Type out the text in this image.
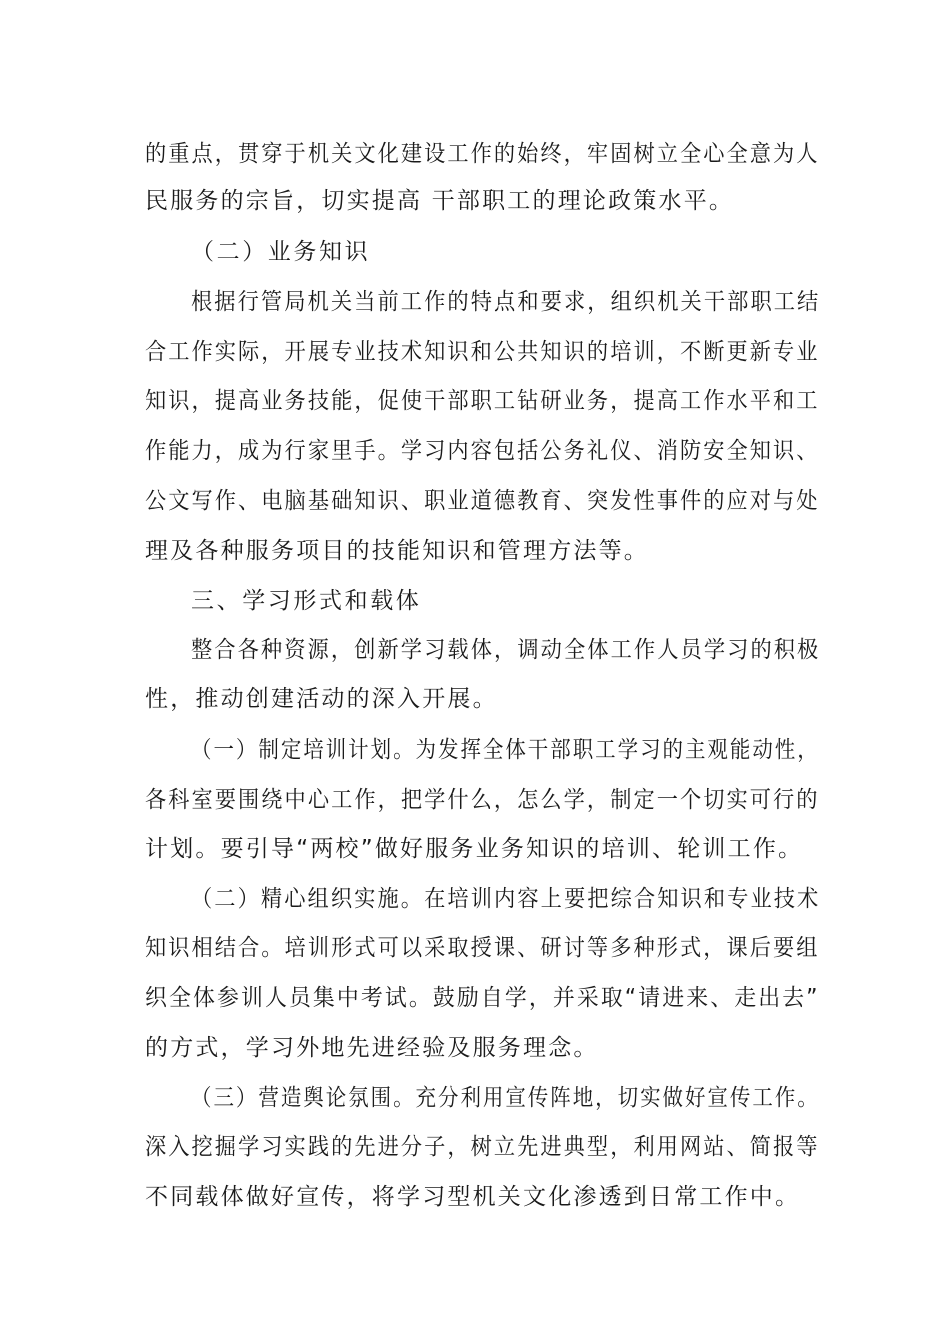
的重点，贯穿于机关文化建设工作的始终，牢固树立全心全意为人

民服务的宗旨，切实提高 干部职工的理论政策水平。

（二）业务知识

根据行管局机关当前工作的特点和要求，组织机关干部职工结

合工作实际，开展专业技术知识和公共知识的培训，不断更新专业

知识，提高业务技能，促使干部职工钻研业务，提高工作水平和工

作能力，成为行家里手。学习内容包括公务礼仪、消防安全知识、

公文写作、电脑基础知识、职业道德教育、突发性事件的应对与处

理及各种服务项目的技能知识和管理方法等。

三、学习形式和载体

整合各种资源，创新学习载体，调动全体工作人员学习的积极

性，推动创建活动的深入开展。

（一）制定培训计划。为发挥全体干部职工学习的主观能动性，

各科室要围绕中心工作，把学什么，怎么学，制定一个切实可行的

计划。要引导“两校”做好服务业务知识的培训、轮训工作。

（二）精心组织实施。在培训内容上要把综合知识和专业技术

知识相结合。培训形式可以采取授课、研讨等多种形式，课后要组

织全体参训人员集中考试。鼓励自学，并采取“请进来、走出去”

的方式，学习外地先进经验及服务理念。

（三）营造舆论氛围。充分利用宣传阵地，切实做好宣传工作。

深入挖掘学习实践的先进分子，树立先进典型，利用网站、简报等

不同载体做好宣传，将学习型机关文化渗透到日常工作中。
